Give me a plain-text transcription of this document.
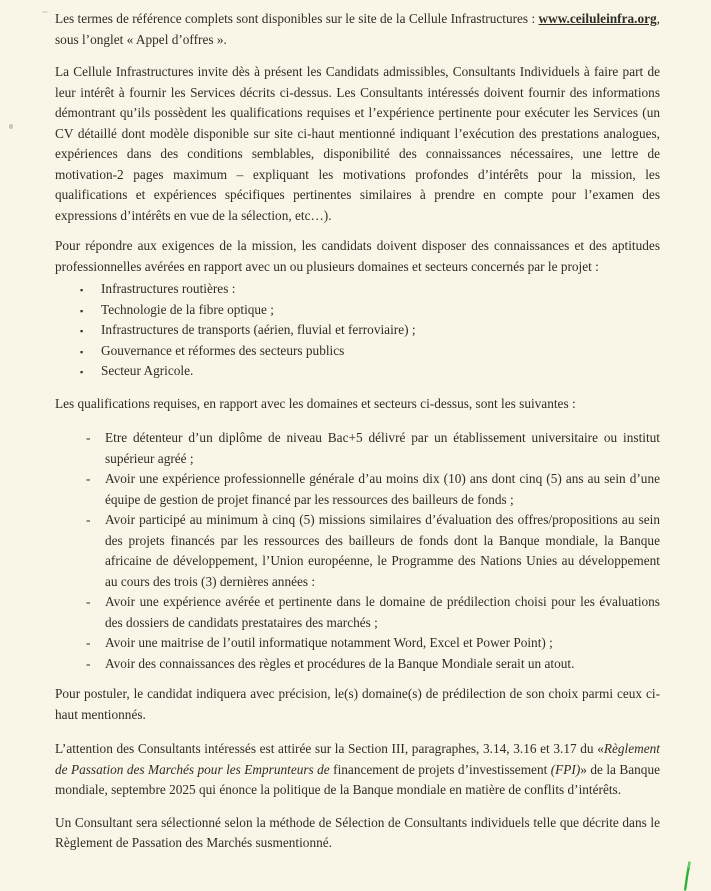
Les termes de référence complets sont disponibles sur le site de la Cellule Infrastructures : www.ceiluleinfra.org, sous l’onglet « Appel d’offres ».

La Cellule Infrastructures invite dès à présent les Candidats admissibles, Consultants Individuels à faire part de leur intérêt à fournir les Services décrits ci-dessus. Les Consultants intéressés doivent fournir des informations démontrant qu’ils possèdent les qualifications requises et l’expérience pertinente pour exécuter les Services (un CV détaillé dont modèle disponible sur site ci-haut mentionné indiquant l’exécution des prestations analogues, expériences dans des conditions semblables, disponibilité des connaissances nécessaires, une lettre de motivation-2 pages maximum – expliquant les motivations profondes d’intérêts pour la mission, les qualifications et expériences spécifiques pertinentes similaires à prendre en compte pour l’examen des expressions d’intérêts en vue de la sélection, etc…).

Pour répondre aux exigences de la mission, les candidats doivent disposer des connaissances et des aptitudes professionnelles avérées en rapport avec un ou plusieurs domaines et secteurs concernés par le projet :

▪ Infrastructures routières :
▪ Technologie de la fibre optique ;
▪ Infrastructures de transports (aérien, fluvial et ferroviaire) ;
▪ Gouvernance et réformes des secteurs publics
▪ Secteur Agricole.

Les qualifications requises, en rapport avec les domaines et secteurs ci-dessus, sont les suivantes :

- Etre détenteur d’un diplôme de niveau Bac+5 délivré par un établissement universitaire ou institut supérieur agréé ;
- Avoir une expérience professionnelle générale d’au moins dix (10) ans dont cinq (5) ans au sein d’une équipe de gestion de projet financé par les ressources des bailleurs de fonds ;
- Avoir participé au minimum à cinq (5) missions similaires d’évaluation des offres/propositions au sein des projets financés par les ressources des bailleurs de fonds dont la Banque mondiale, la Banque africaine de développement, l’Union européenne, le Programme des Nations Unies au développement au cours des trois (3) dernières années :
- Avoir une expérience avérée et pertinente dans le domaine de prédilection choisi pour les évaluations des dossiers de candidats prestataires des marchés ;
- Avoir une maitrise de l’outil informatique notamment Word, Excel et Power Point) ;
- Avoir des connaissances des règles et procédures de la Banque Mondiale serait un atout.

Pour postuler, le candidat indiquera avec précision, le(s) domaine(s) de prédilection de son choix parmi ceux ci-haut mentionnés.

L’attention des Consultants intéressés est attirée sur la Section III, paragraphes, 3.14, 3.16 et 3.17 du «Règlement de Passation des Marchés pour les Emprunteurs de financement de projets d’investissement (FPI)» de la Banque mondiale, septembre 2025 qui énonce la politique de la Banque mondiale en matière de conflits d’intérêts.

Un Consultant sera sélectionné selon la méthode de Sélection de Consultants individuels telle que décrite dans le Règlement de Passation des Marchés susmentionné.
